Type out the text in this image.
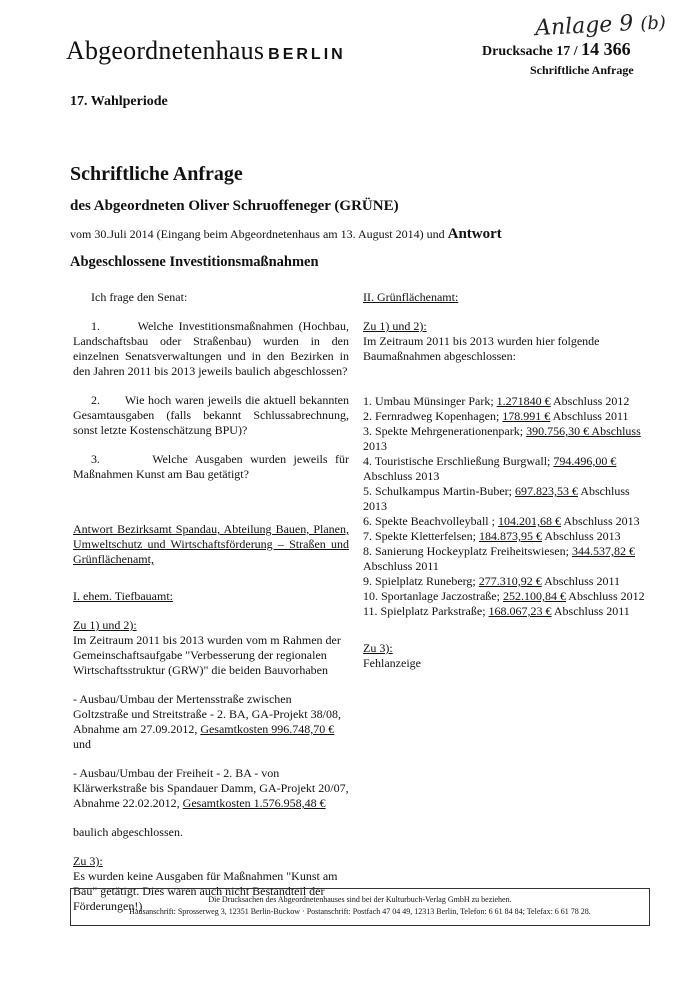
Anlage 9 (b)
Abgeordnetenhaus BERLIN	Drucksache 17 / 14 366
Schriftliche Anfrage
17. Wahlperiode
Schriftliche Anfrage
des Abgeordneten Oliver Schruoffeneger (GRÜNE)
vom 30.Juli 2014 (Eingang beim Abgeordnetenhaus am 13. August 2014) und Antwort
Abgeschlossene Investitionsmaßnahmen

Ich frage den Senat:

1.       Welche Investitionsmaßnahmen (Hochbau, Landschaftsbau oder Straßenbau) wurden in den einzelnen Senatsverwaltungen und in den Bezirken in den Jahren 2011 bis 2013 jeweils baulich abgeschlossen?

2.       Wie hoch waren jeweils die aktuell bekannten Gesamtausgaben (falls bekannt Schlussabrechnung, sonst letzte Kostenschätzung BPU)?

3.       Welche Ausgaben wurden jeweils für Maßnahmen Kunst am Bau getätigt?

Antwort Bezirksamt Spandau, Abteilung Bauen, Planen, Umweltschutz und Wirtschaftsförderung – Straßen und Grünflächenamt,

I. ehem. Tiefbauamt:

Zu 1) und 2):

Im Zeitraum 2011 bis 2013 wurden vom m Rahmen der Gemeinschaftsaufgabe "Verbesserung der regionalen Wirtschaftsstruktur (GRW)" die beiden Bauvorhaben

- Ausbau/Umbau der Mertensstraße zwischen Goltzstraße und Streitstraße - 2. BA, GA-Projekt 38/08, Abnahme am 27.09.2012, Gesamtkosten 996.748,70 € und

- Ausbau/Umbau der Freiheit - 2. BA - von Klärwerkstraße bis Spandauer Damm, GA-Projekt 20/07, Abnahme 22.02.2012, Gesamtkosten 1.576.958,48 €

baulich abgeschlossen.

Zu 3):

Es wurden keine Ausgaben für Maßnahmen "Kunst am Bau" getätigt. Dies waren auch nicht Bestandteil der Förderungen!)

II. Grünflächenamt:

Zu 1) und 2):

Im Zeitraum 2011 bis 2013 wurden hier folgende Baumaßnahmen abgeschlossen:

1. Umbau Münsinger Park; 1.271840 € Abschluss 2012

2. Fernradweg Kopenhagen; 178.991 € Abschluss 2011

3. Spekte Mehrgenerationenpark; 390.756,30 € Abschluss 2013

4. Touristische Erschließung Burgwall; 794.496,00 € Abschluss 2013

5. Schulkampus Martin-Buber; 697.823,53 € Abschluss 2013

6. Spekte Beachvolleyball ; 104.201,68 € Abschluss 2013

7. Spekte Kletterfelsen; 184.873,95 € Abschluss 2013

8. Sanierung Hockeyplatz Freiheitswiesen; 344.537,82 € Abschluss 2011

9. Spielplatz Runeberg; 277.310,92 € Abschluss 2011

10. Sportanlage Jaczostraße; 252.100,84 € Abschluss 2012

11. Spielplatz Parkstraße; 168.067,23 € Abschluss 2011

Zu 3):

Fehlanzeige

Die Drucksachen des Abgeordnetenhauses sind bei der Kulturbuch-Verlag GmbH zu beziehen.
Hausanschrift: Sprosserweg 3, 12351 Berlin-Buckow · Postanschrift: Postfach 47 04 49, 12313 Berlin, Telefon: 6 61 84 84; Telefax: 6 61 78 28.
